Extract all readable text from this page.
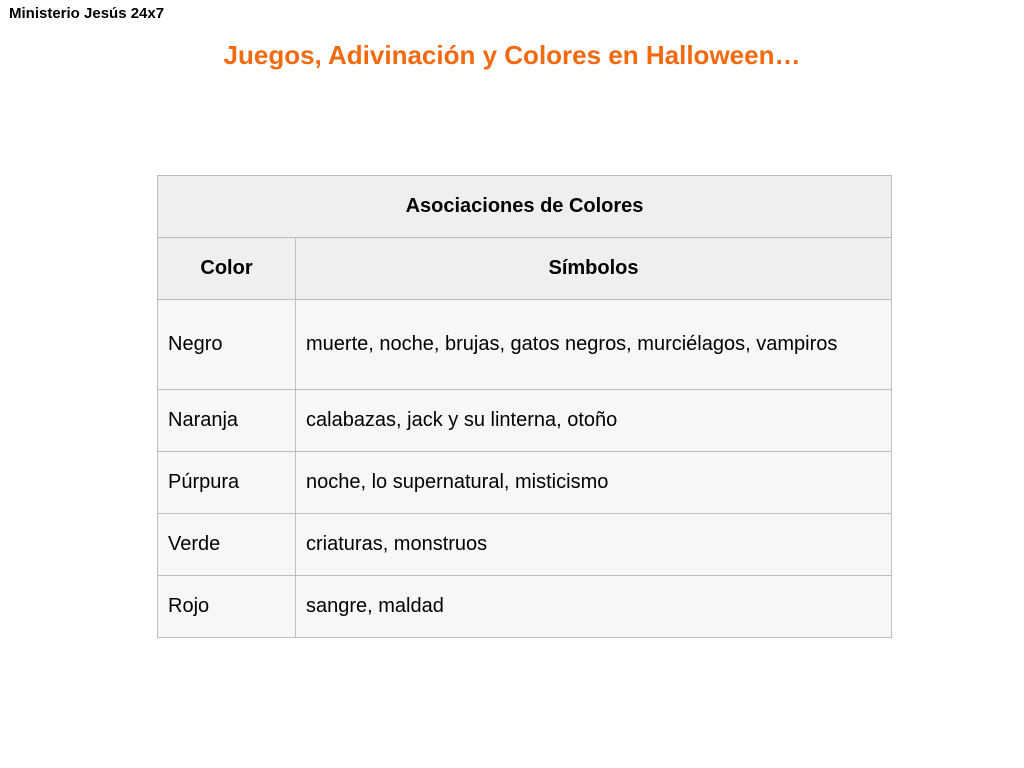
Ministerio Jesús 24x7
Juegos, Adivinación y Colores en Halloween…
Asociaciones de Colores	
Color	Símbolos
Negro	muerte, noche, brujas, gatos negros, murciélagos, vampiros
Naranja	calabazas, jack y su linterna, otoño
Púrpura	noche, lo supernatural, misticismo
Verde	criaturas, monstruos
Rojo	sangre, maldad
